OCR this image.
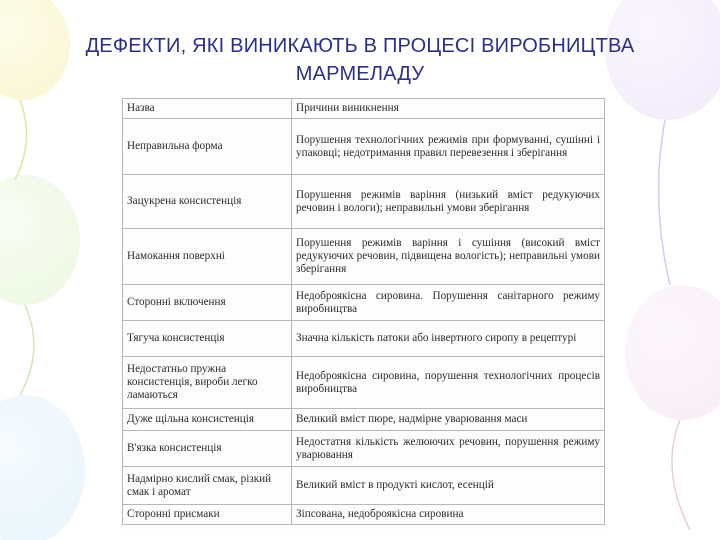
ДЕФЕКТИ, ЯКІ ВИНИКАЮТЬ В ПРОЦЕСІ ВИРОБНИЦТВА
МАРМЕЛАДУ
Назва	Причини виникнення
Неправильна форма	Порушення технологічних режимів при формуванні, сушінні і упаковці; недотримання правил перевезення і зберігання
Зацукрена консистенція	Порушення режимів варіння (низький вміст редукуючих речовин і вологи); неправильні умови зберігання
Намокання поверхні	Порушення режимів варіння і сушіння (високий вміст редукуючих речовин, підвищена вологість); неправильні умови зберігання
Сторонні включення	Недоброякісна сировина. Порушення санітарного режиму виробництва
Тягуча консистенція	Значна кількість патоки або інвертного сиропу в рецептурі
Недостатньо пружна консистенція, вироби легко ламаються	Недоброякісна сировина, порушення технологічних процесів виробництва
Дуже щільна консистенція	Великий вміст пюре, надмірне уварювання маси
В'язка консистенція	Недостатня кількість желюючих речовин, порушення режиму уварювання
Надмірно кислий смак, різкий смак і аромат	Великий вміст в продукті кислот, есенцій
Сторонні присмаки	Зіпсована, недоброякісна сировина
